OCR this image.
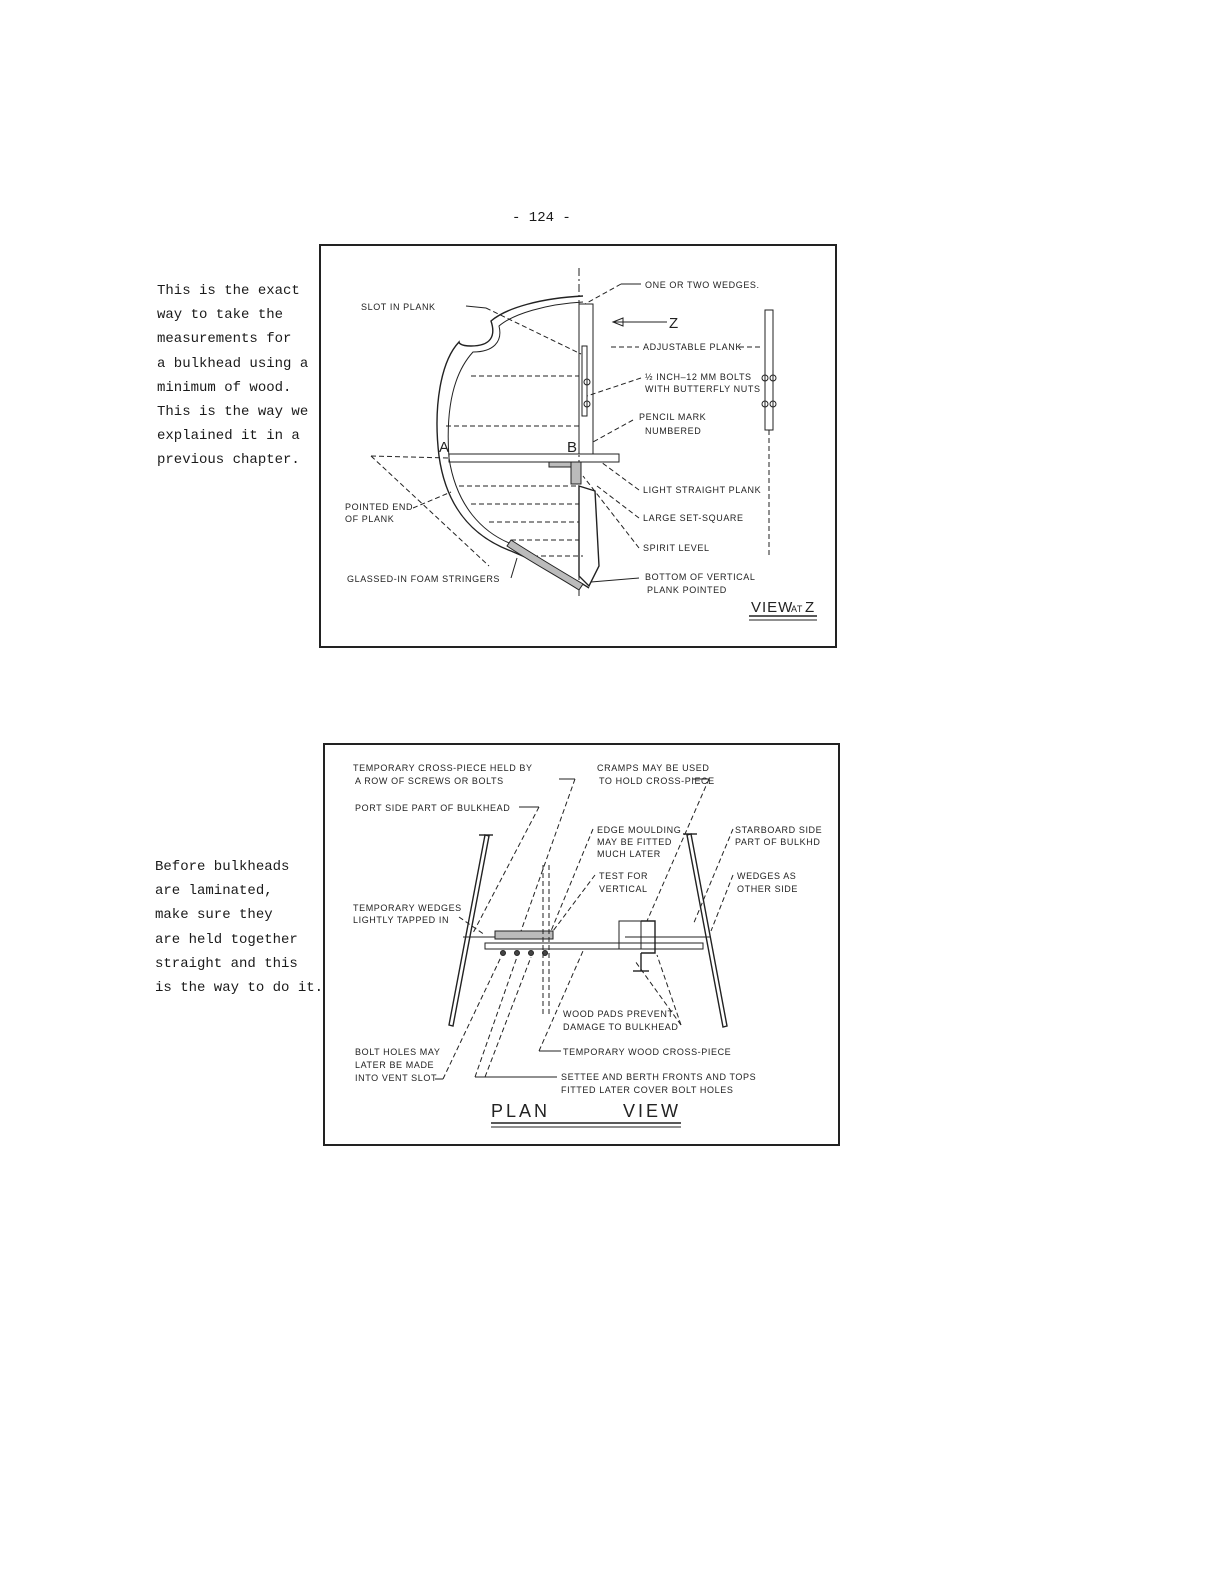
- 124 -

This is the exact
way to take the
measurements for
a bulkhead using a
minimum of wood.
This is the way we
explained it in a
previous chapter.

Before bulkheads
are laminated,
make sure they
are held together
straight and this
is the way to do it.

ONE OR TWO WEDGES.
SLOT IN PLANK
Z
ADJUSTABLE PLANK
½ INCH–12 MM BOLTS
WITH BUTTERFLY NUTS
PENCIL MARK
NUMBERED
A	B
LIGHT STRAIGHT PLANK
POINTED END
OF PLANK	LARGE SET-SQUARE
SPIRIT LEVEL
GLASSED-IN FOAM STRINGERS	BOTTOM OF VERTICAL
PLANK POINTED
VIEW
AT Z
TEMPORARY CROSS-PIECE HELD BY
A ROW OF SCREWS OR BOLTS
CRAMPS MAY BE USED
TO HOLD CROSS-PIECE
PORT SIDE PART OF BULKHEAD
EDGE MOULDING
MAY BE FITTED
MUCH LATER
STARBOARD SIDE
PART OF BULKHD
TEST FOR
VERTICAL
WEDGES AS
OTHER SIDE
TEMPORARY WEDGES
LIGHTLY TAPPED IN
WOOD PADS PREVENT
DAMAGE TO BULKHEAD
BOLT HOLES MAY
LATER BE MADE
INTO VENT SLOT
TEMPORARY WOOD CROSS-PIECE
SETTEE AND BERTH FRONTS AND TOPS
FITTED LATER COVER BOLT HOLES
PLAN	VIEW
